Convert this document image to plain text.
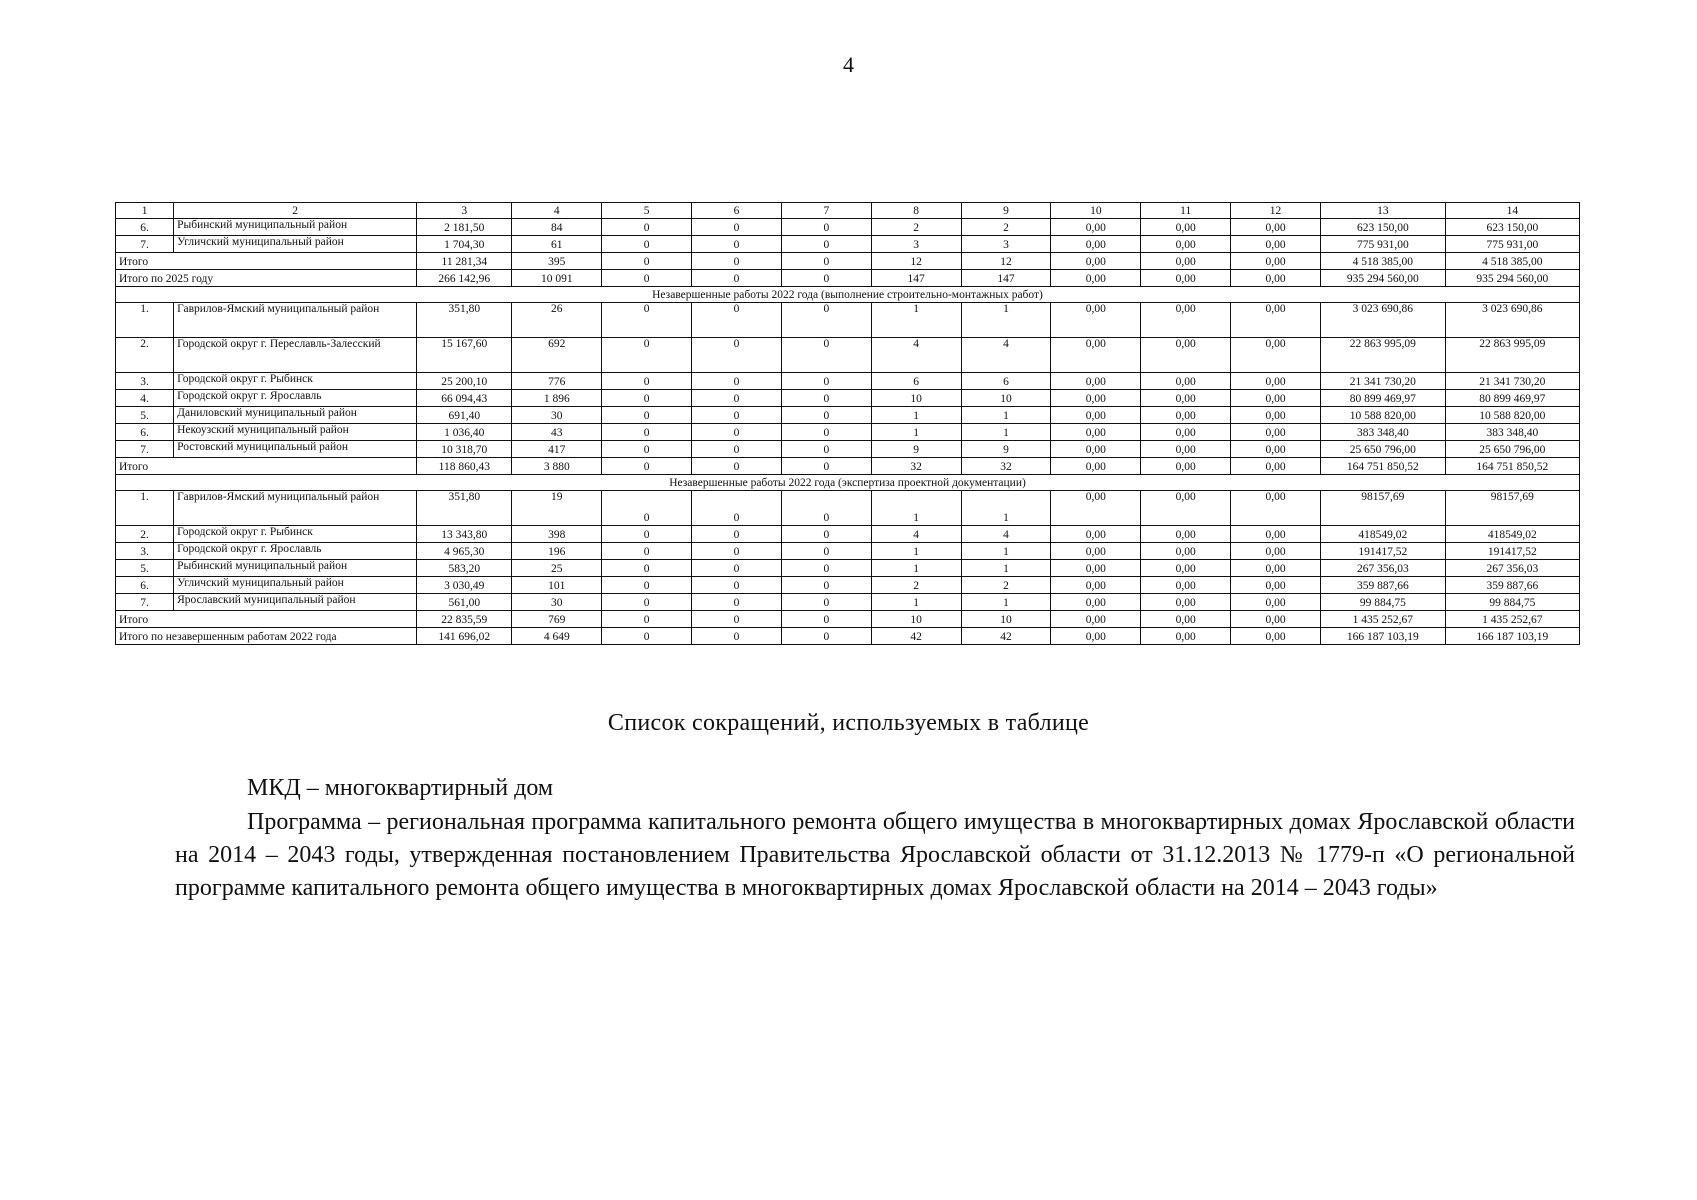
4
1	2	3	4	5	6	7	8	9	10	11	12	13	14
6.	Рыбинский муниципальный район	2 181,50	84	0	0	0	2	2	0,00	0,00	0,00	623 150,00	623 150,00
7.	Угличский муниципальный район	1 704,30	61	0	0	0	3	3	0,00	0,00	0,00	775 931,00	775 931,00
Итого		11 281,34	395	0	0	0	12	12	0,00	0,00	0,00	4 518 385,00	4 518 385,00
Итого по 2025 году		266 142,96	10 091	0	0	0	147	147	0,00	0,00	0,00	935 294 560,00	935 294 560,00
Незавершенные работы 2022 года (выполнение строительно-монтажных работ)													
1.	Гаврилов-Ямский муниципальный район	351,80	26	0	0	0	1	1	0,00	0,00	0,00	3 023 690,86	3 023 690,86
2.	Городской округ г. Переславль-Залесский	15 167,60	692	0	0	0	4	4	0,00	0,00	0,00	22 863 995,09	22 863 995,09
3.	Городской округ г. Рыбинск	25 200,10	776	0	0	0	6	6	0,00	0,00	0,00	21 341 730,20	21 341 730,20
4.	Городской округ г. Ярославль	66 094,43	1 896	0	0	0	10	10	0,00	0,00	0,00	80 899 469,97	80 899 469,97
5.	Даниловский муниципальный район	691,40	30	0	0	0	1	1	0,00	0,00	0,00	10 588 820,00	10 588 820,00
6.	Некоузский муниципальный район	1 036,40	43	0	0	0	1	1	0,00	0,00	0,00	383 348,40	383 348,40
7.	Ростовский муниципальный район	10 318,70	417	0	0	0	9	9	0,00	0,00	0,00	25 650 796,00	25 650 796,00
Итого		118 860,43	3 880	0	0	0	32	32	0,00	0,00	0,00	164 751 850,52	164 751 850,52
Незавершенные работы 2022 года (экспертиза проектной документации)													
1.	Гаврилов-Ямский муниципальный район	351,80	19	0	0	0	1	1	0,00	0,00	0,00	98157,69	98157,69
2.	Городской округ г. Рыбинск	13 343,80	398	0	0	0	4	4	0,00	0,00	0,00	418549,02	418549,02
3.	Городской округ г. Ярославль	4 965,30	196	0	0	0	1	1	0,00	0,00	0,00	191417,52	191417,52
5.	Рыбинский муниципальный район	583,20	25	0	0	0	1	1	0,00	0,00	0,00	267 356,03	267 356,03
6.	Угличский муниципальный район	3 030,49	101	0	0	0	2	2	0,00	0,00	0,00	359 887,66	359 887,66
7.	Ярославский муниципальный район	561,00	30	0	0	0	1	1	0,00	0,00	0,00	99 884,75	99 884,75
Итого		22 835,59	769	0	0	0	10	10	0,00	0,00	0,00	1 435 252,67	1 435 252,67
Итого по незавершенным работам 2022 года		141 696,02	4 649	0	0	0	42	42	0,00	0,00	0,00	166 187 103,19	166 187 103,19
Список сокращений, используемых в таблице

МКД – многоквартирный дом

Программа – региональная программа капитального ремонта общего имущества в многоквартирных домах Ярославской области на 2014 – 2043 годы, утвержденная постановлением Правительства Ярославской области от 31.12.2013 № 1779-п «О региональной программе капитального ремонта общего имущества в многоквартирных домах Ярославской области на 2014 – 2043 годы»
